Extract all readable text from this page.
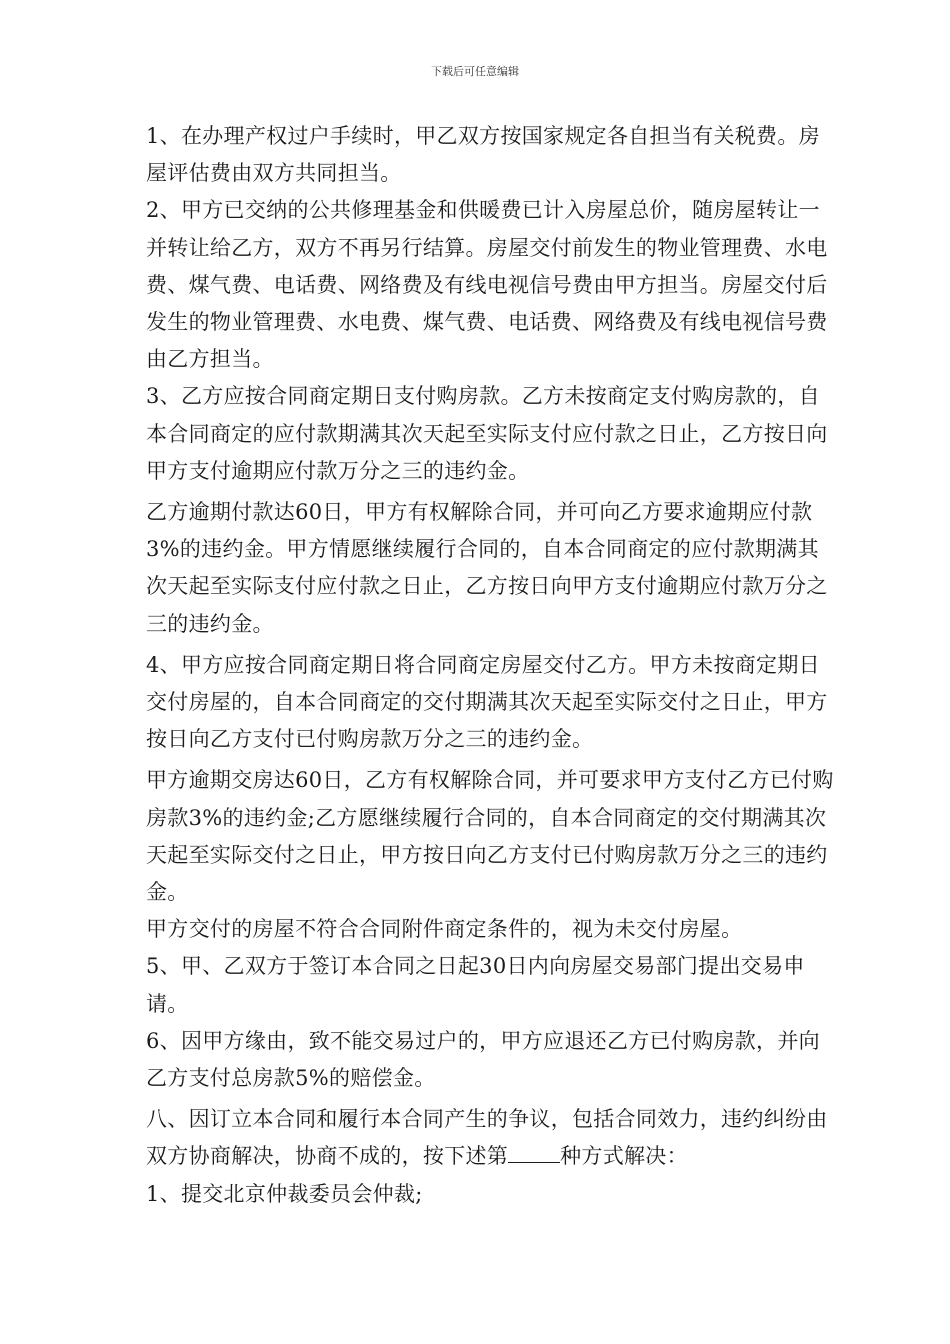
下载后可任意编辑

1、在办理产权过户手续时，甲乙双方按国家规定各自担当有关税费。房屋评估费由双方共同担当。

2、甲方已交纳的公共修理基金和供暖费已计入房屋总价，随房屋转让一并转让给乙方，双方不再另行结算。房屋交付前发生的物业管理费、水电费、煤气费、电话费、网络费及有线电视信号费由甲方担当。房屋交付后发生的物业管理费、水电费、煤气费、电话费、网络费及有线电视信号费由乙方担当。

3、乙方应按合同商定期日支付购房款。乙方未按商定支付购房款的，自本合同商定的应付款期满其次天起至实际支付应付款之日止，乙方按日向甲方支付逾期应付款万分之三的违约金。

乙方逾期付款达60日，甲方有权解除合同，并可向乙方要求逾期应付款3%的违约金。甲方情愿继续履行合同的，自本合同商定的应付款期满其次天起至实际支付应付款之日止，乙方按日向甲方支付逾期应付款万分之三的违约金。

4、甲方应按合同商定期日将合同商定房屋交付乙方。甲方未按商定期日交付房屋的，自本合同商定的交付期满其次天起至实际交付之日止，甲方按日向乙方支付已付购房款万分之三的违约金。

甲方逾期交房达60日，乙方有权解除合同，并可要求甲方支付乙方已付购房款3%的违约金;乙方愿继续履行合同的，自本合同商定的交付期满其次天起至实际交付之日止，甲方按日向乙方支付已付购房款万分之三的违约金。

甲方交付的房屋不符合合同附件商定条件的，视为未交付房屋。

5、甲、乙双方于签订本合同之日起30日内向房屋交易部门提出交易申请。

6、因甲方缘由，致不能交易过户的，甲方应退还乙方已付购房款，并向乙方支付总房款5%的赔偿金。

八、因订立本合同和履行本合同产生的争议，包括合同效力，违约纠纷由双方协商解决，协商不成的，按下述第 种方式解决：

1、提交北京仲裁委员会仲裁;
